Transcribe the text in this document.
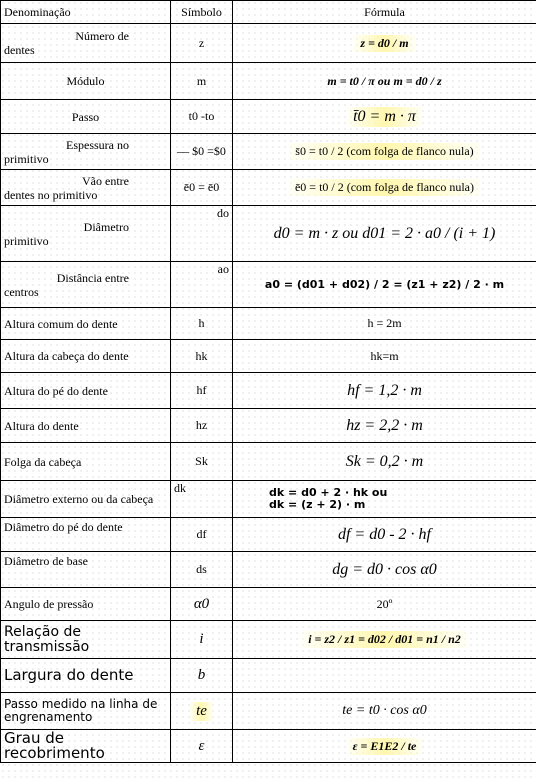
Denominação	Símbolo	Fórmula

Número de
dentes	z	z = d0 / m

Módulo	m	m = t0 / π ou m = d0 / z

Passo	t0 -to	t̄0 = m · π

Espessura no
primitivo	— $0 =$0	s̄0 = t0 / 2 (com folga de flanco nula)

Vão entre
dentes no primitivo	ē0 = ē0	ē0 = t0 / 2 (com folga de flanco nula)

Diâmetro
primitivo	do	d0 = m · z ou d01 = 2 · a0 / (i + 1)

Distância entre
centros	ao	a0 = (d01 + d02) / 2 = (z1 + z2) / 2 · m
Altura comum do dente	h	h = 2m
Altura da cabeça do dente	hk	hk=m
Altura do pé do dente	hf	hf = 1,2 · m
Altura do dente	hz	hz = 2,2 · m
Folga da cabeça	Sk	Sk = 0,2 · m
Diâmetro externo ou da cabeça	dk	dk = d0 + 2 · hk ou
dk = (z + 2) · m

Diâmetro do pé do dente	df	df = d0 - 2 · hf
Diâmetro de base	ds	dg = d0 · cos α0
Angulo de pressão	α0	20º
Relação de transmissão	i	i = z2 / z1 = d02 / d01 = n1 / n2
Largura do dente	b	
Passo medido na linha de engrenamento	te	te = t0 · cos α0
Grau de recobrimento	ε	ε = E1E2 / te
